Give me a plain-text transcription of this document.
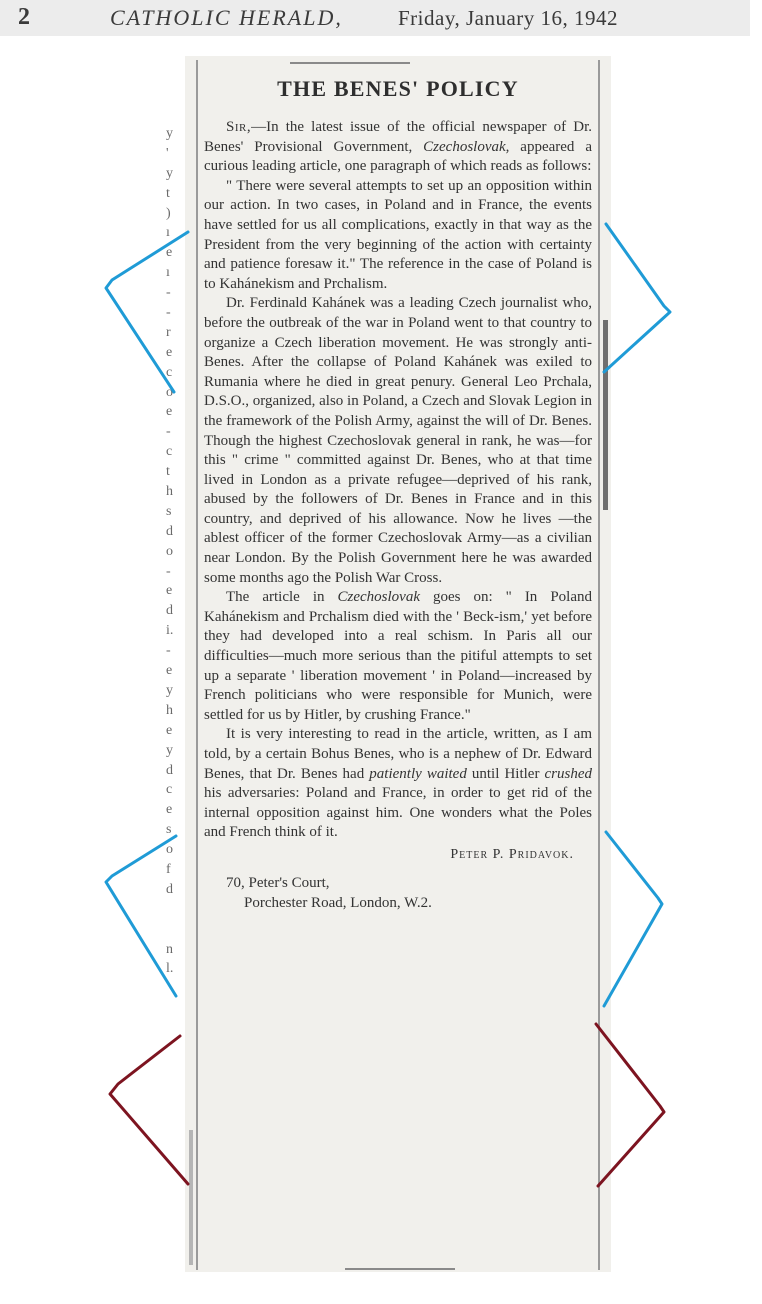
2	CATHOLIC HERALD,	Friday, January 16, 1942
y
'
y
t
)
ı
e
ı
-
-
r
e
c
o
e
-
c
t
h
s
d
o
-
e
d
i.
-
e
y
h
e
y
d
c
e
s
o
f
d
n
l.
THE BENES' POLICY

Sir,—In the latest issue of the official newspaper of Dr. Benes' Provisional Government, Czechoslovak, appeared a curious leading article, one paragraph of which reads as follows:

" There were several attempts to set up an opposition within our action. In two cases, in Poland and in France, the events have settled for us all complications, exactly in that way as the President from the very beginning of the action with certainty and patience foresaw it." The reference in the case of Poland is to Kahánekism and Prchalism.

Dr. Ferdinald Kahánek was a leading Czech journalist who, before the outbreak of the war in Poland went to that country to organize a Czech liberation movement. He was strongly anti-Benes. After the collapse of Poland Kahánek was exiled to Rumania where he died in great penury. General Leo Prchala, D.S.O., organized, also in Poland, a Czech and Slovak Legion in the framework of the Polish Army, against the will of Dr. Benes. Though the highest Czechoslovak general in rank, he was—for this " crime " committed against Dr. Benes, who at that time lived in London as a private refugee—deprived of his rank, abused by the followers of Dr. Benes in France and in this country, and deprived of his allowance. Now he lives —the ablest officer of the former Czechoslovak Army—as a civilian near London. By the Polish Government here he was awarded some months ago the Polish War Cross.

The article in Czechoslovak goes on: " In Poland Kahánekism and Prchalism died with the ' Beck-ism,' yet before they had developed into a real schism. In Paris all our difficulties—much more serious than the pitiful attempts to set up a separate ' liberation movement ' in Poland—increased by French politicians who were responsible for Munich, were settled for us by Hitler, by crushing France."

It is very interesting to read in the article, written, as I am told, by a certain Bohus Benes, who is a nephew of Dr. Edward Benes, that Dr. Benes had patiently waited until Hitler crushed his adversaries: Poland and France, in order to get rid of the internal opposition against him. One wonders what the Poles and French think of it.

Peter P. Pridavok.
70, Peter's Court,
Porchester Road, London, W.2.
